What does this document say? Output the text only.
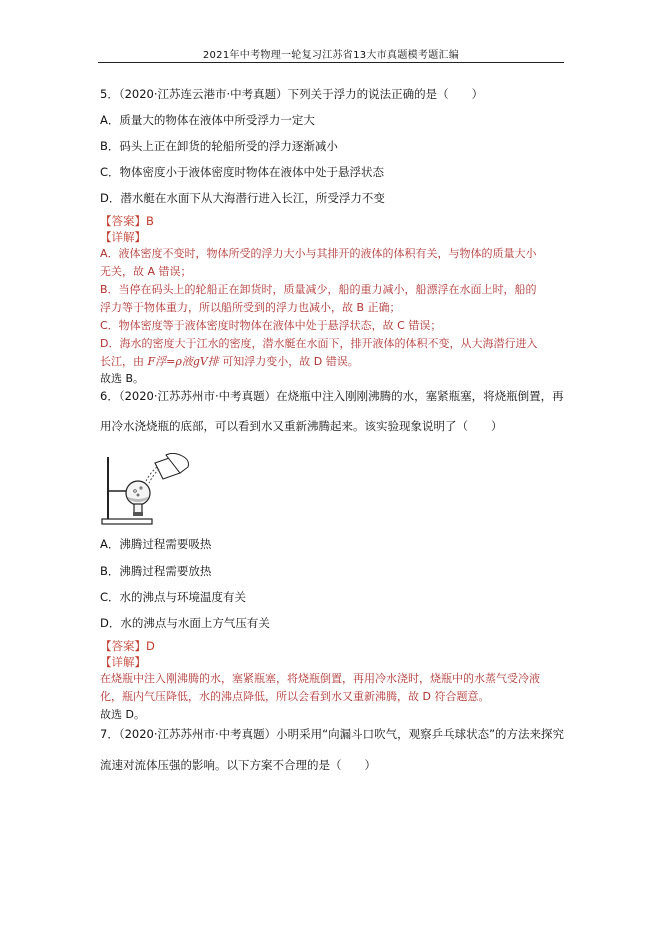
2021年中考物理一轮复习江苏省13大市真题模考题汇编
5．（2020·江苏连云港市·中考真题）下列关于浮力的说法正确的是（　　）
A．质量大的物体在液体中所受浮力一定大
B．码头上正在卸货的轮船所受的浮力逐渐减小
C．物体密度小于液体密度时物体在液体中处于悬浮状态
D．潜水艇在水面下从大海潜行进入长江，所受浮力不变
【答案】B
【详解】
A．液体密度不变时，物体所受的浮力大小与其排开的液体的体积有关，与物体的质量大小
无关，故 A 错误；
B．当停在码头上的轮船正在卸货时，质量减少，船的重力减小，船漂浮在水面上时，船的
浮力等于物体重力，所以船所受到的浮力也减小，故 B 正确；
C．物体密度等于液体密度时物体在液体中处于悬浮状态，故 C 错误；
D．海水的密度大于江水的密度，潜水艇在水面下，排开液体的体积不变，从大海潜行进入
长江，由 F浮=ρ液gV排 可知浮力变小，故 D 错误。
故选 B。
6．（2020·江苏苏州市·中考真题）在烧瓶中注入刚刚沸腾的水，塞紧瓶塞，将烧瓶倒置，再
用冷水浇烧瓶的底部，可以看到水又重新沸腾起来。该实验现象说明了（　　）
A．沸腾过程需要吸热
B．沸腾过程需要放热
C．水的沸点与环境温度有关
D．水的沸点与水面上方气压有关
【答案】D
【详解】
在烧瓶中注入刚沸腾的水，塞紧瓶塞，将烧瓶倒置，再用冷水浇时，烧瓶中的水蒸气受冷液
化，瓶内气压降低，水的沸点降低，所以会看到水又重新沸腾，故 D 符合题意。
故选 D。
7．（2020·江苏苏州市·中考真题）小明采用“向漏斗口吹气，观察乒乓球状态”的方法来探究
流速对流体压强的影响。以下方案不合理的是（　　）
